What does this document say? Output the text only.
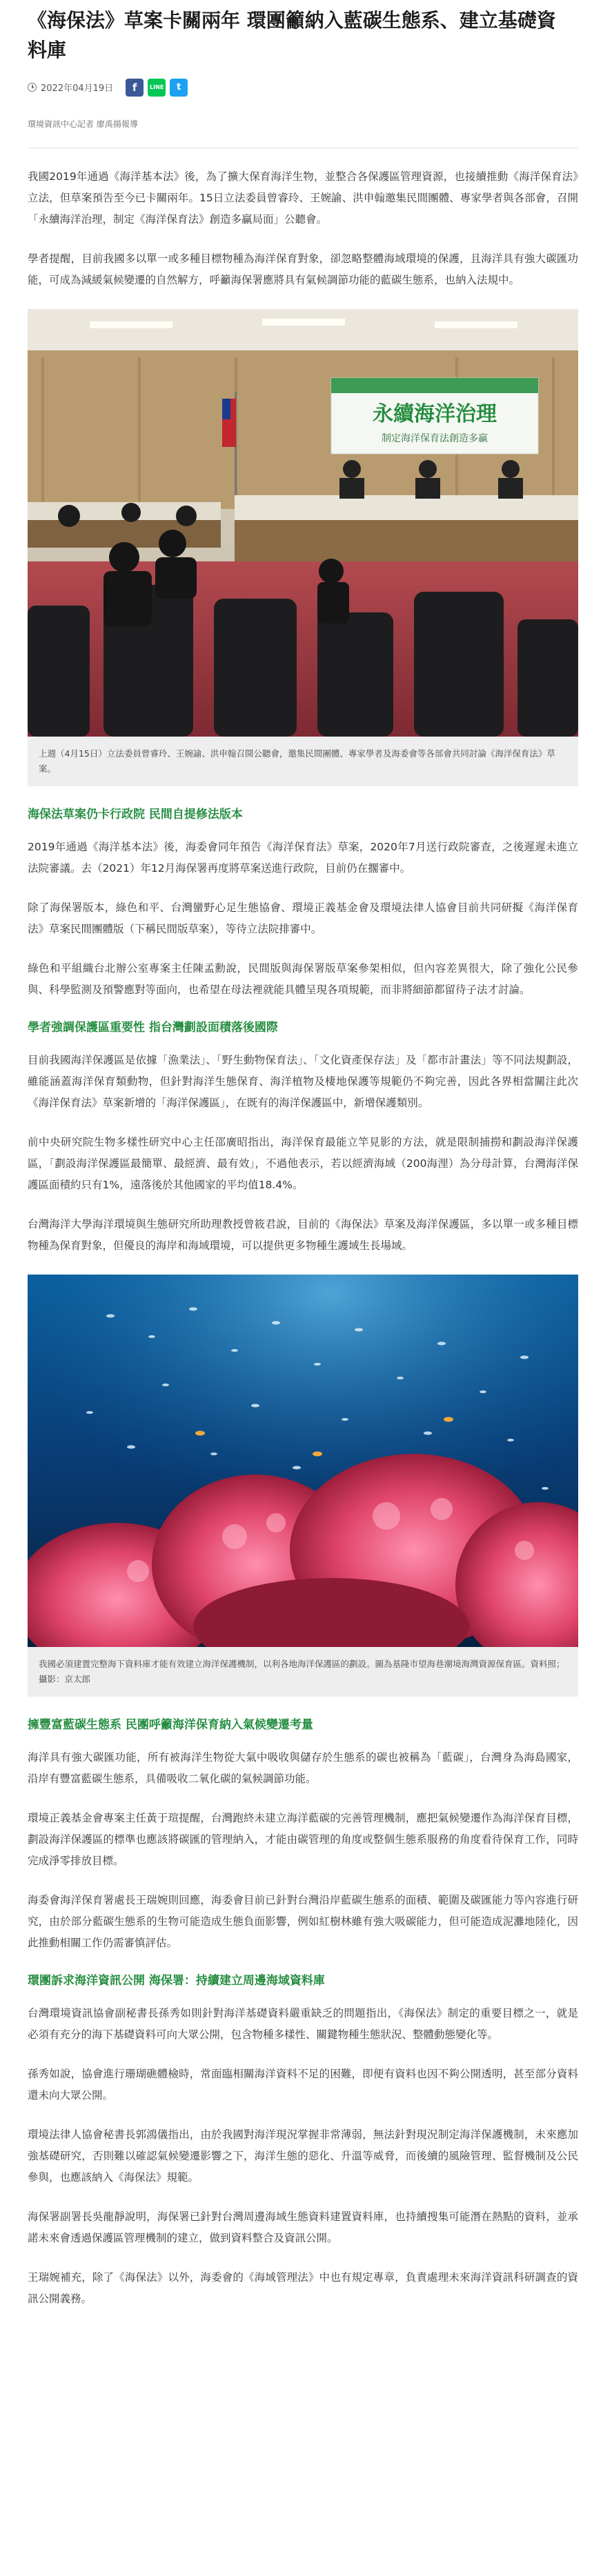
《海保法》草案卡關兩年 環團籲納入藍碳生態系、建立基礎資料庫
2022年04月19日	f	LINE	t
環境資訊中心記者 廖禹揚報導

我國2019年通過《海洋基本法》後，為了擴大保育海洋生物，並整合各保護區管理資源，也接續推動《海洋保育法》立法，但草案預告至今已卡關兩年。15日立法委員曾睿玲、王婉諭、洪申翰邀集民間團體、專家學者與各部會，召開「永續海洋治理，制定《海洋保育法》創造多贏局面」公聽會。

學者提醒，目前我國多以單一或多種目標物種為海洋保育對象，卻忽略整體海域環境的保護，且海洋具有強大碳匯功能，可成為減緩氣候變遷的自然解方，呼籲海保署應將具有氣候調節功能的藍碳生態系，也納入法規中。

永續海洋治理
制定海洋保育法創造多贏
上週（4月15日）立法委員曾睿玲、王婉諭、洪申翰召開公聽會，邀集民間團體、專家學者及海委會等各部會共同討論《海洋保育法》草案。
海保法草案仍卡行政院 民間自提修法版本

2019年通過《海洋基本法》後，海委會同年預告《海洋保育法》草案，2020年7月送行政院審查，之後遲遲未進立法院審議。去（2021）年12月海保署再度將草案送進行政院，目前仍在擱審中。

除了海保署版本，綠色和平、台灣蠻野心足生態協會、環境正義基金會及環境法律人協會目前共同研擬《海洋保育法》草案民間團體版（下稱民間版草案），等待立法院排審中。

綠色和平組織台北辦公室專案主任陳孟勳說，民間版與海保署版草案參架相似，但內容差異很大，除了強化公民參與、科學監測及預警應對等面向，也希望在母法裡就能具體呈現各項規範，而非將細節都留待子法才討論。

學者強調保護區重要性 指台灣劃設面積落後國際

目前我國海洋保護區是依據「漁業法」、「野生動物保育法」、「文化資產保存法」及「都市計畫法」等不同法規劃設，雖能涵蓋海洋保育類動物，但針對海洋生態保育、海洋植物及棲地保護等規範仍不夠完善，因此各界相當關注此次《海洋保育法》草案新增的「海洋保護區」，在既有的海洋保護區中，新增保護類別。

前中央研究院生物多樣性研究中心主任邵廣昭指出，海洋保育最能立竿見影的方法，就是限制捕撈和劃設海洋保護區，「劃設海洋保護區最簡單、最經濟、最有效」，不過他表示，若以經濟海域（200海浬）為分母計算，台灣海洋保護區面積約只有1%，遠落後於其他國家的平均值18.4%。

台灣海洋大學海洋環境與生態研究所助理教授曾筱君說，目前的《海保法》草案及海洋保護區，多以單一或多種目標物種為保育對象，但優良的海岸和海域環境，可以提供更多物種生護域生長場域。

我國必須建置完整海下資料庫才能有效建立海洋保護機制，以利各地海洋保護區的劃設。圖為基隆市望海巷潮境海灣資源保育區。資料照；攝影：京太郎
擁豐富藍碳生態系 民團呼籲海洋保育納入氣候變遷考量

海洋具有強大碳匯功能，所有被海洋生物從大氣中吸收與儲存於生態系的碳也被稱為「藍碳」，台灣身為海島國家，沿岸有豐富藍碳生態系，具備吸收二氧化碳的氣候調節功能。

環境正義基金會專案主任黃于瑄提醒，台灣跑終未建立海洋藍碳的完善管理機制，應把氣候變遷作為海洋保育目標，劃設海洋保護區的標準也應該將碳匯的管理納入，才能由碳管理的角度或整個生態系服務的角度看待保育工作，同時完成淨零排放目標。

海委會海洋保育署處長王瑞婉則回應，海委會目前已針對台灣沿岸藍碳生態系的面積、範圍及碳匯能力等內容進行研究，由於部分藍碳生態系的生物可能造成生態負面影響，例如紅樹林雖有強大吸碳能力，但可能造成泥灘地陸化，因此推動相關工作仍需審慎評估。

環團訴求海洋資訊公開 海保署：持續建立周邊海域資料庫

台灣環境資訊協會副秘書長孫秀如則針對海洋基礎資料嚴重缺乏的問題指出，《海保法》制定的重要目標之一，就是必須有充分的海下基礎資料可向大眾公開，包含物種多樣性、關鍵物種生態狀況、整體動態變化等。

孫秀如說，協會進行珊瑚礁體檢時，常面臨相關海洋資料不足的困難，即便有資料也因不夠公開透明，甚至部分資料還未向大眾公開。

環境法律人協會秘書長郭鴻儀指出，由於我國對海洋現況掌握非常薄弱，無法針對現況制定海洋保護機制，未來應加強基礎研究，否則難以確認氣候變遷影響之下，海洋生態的惡化、升溫等威脅，而後續的風險管理、監督機制及公民參與，也應該納入《海保法》規範。

海保署副署長吳龍靜說明，海保署已針對台灣周邊海域生態資料建置資料庫，也持續搜集可能潛在熱點的資料，並承諾未來會透過保護區管理機制的建立，做到資料整合及資訊公開。

王瑞婉補充，除了《海保法》以外，海委會的《海域管理法》中也有規定專章，負責處理未來海洋資訊科研調查的資訊公開義務。
